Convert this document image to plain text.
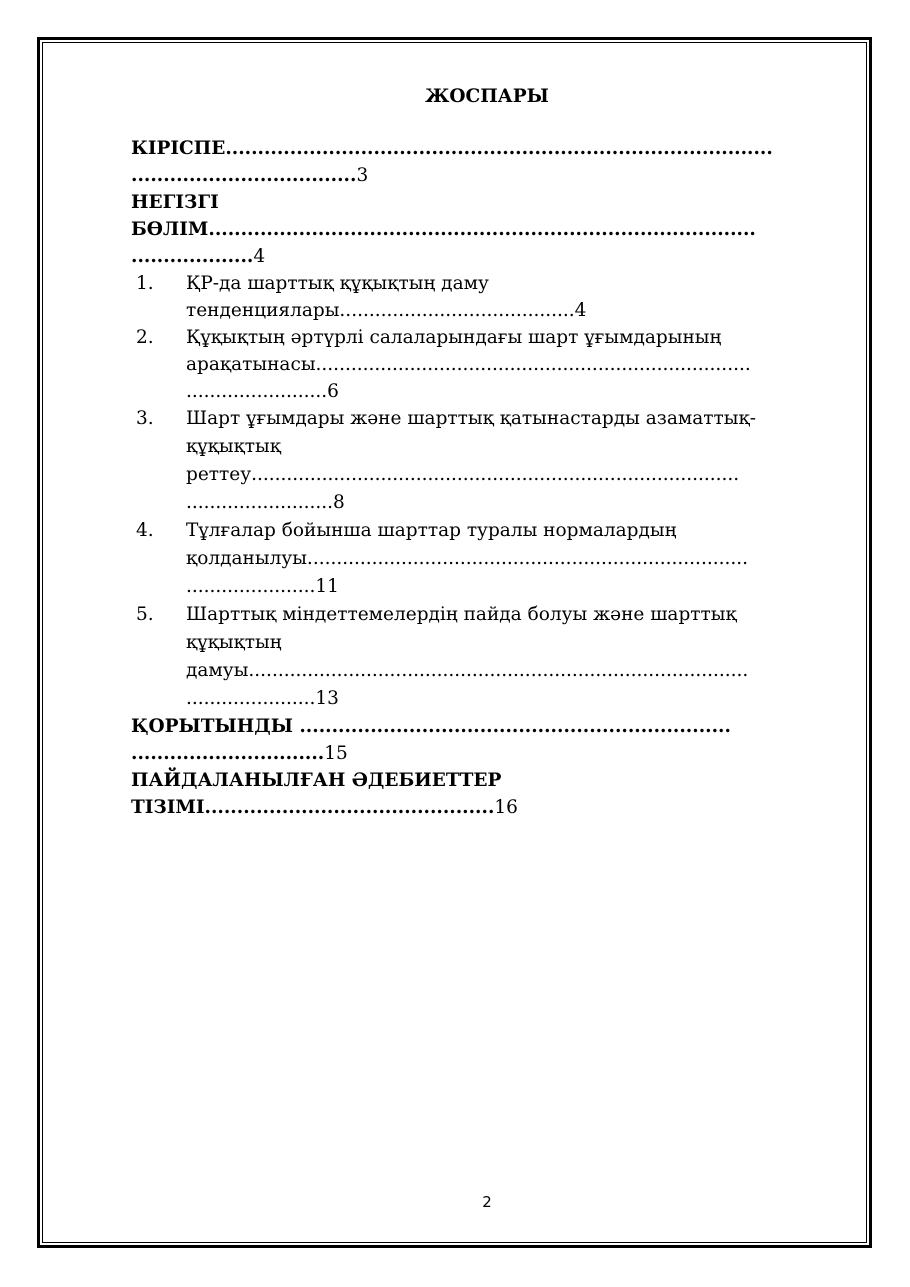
ЖОСПАРЫ
КІРІСПЕ.....................................................................................
...................................3
НЕГІЗГІ
БӨЛІМ.....................................................................................
...................4
1. ҚР-да шарттық құқықтың даму
тенденциялары........................................4
2. Құқықтың әртүрлі салаларындағы шарт ұғымдарының
арақатынасы..........................................................................
........................6
3. Шарт ұғымдары және шарттық қатынастарды азаматтық-
құқықтық
реттеу...................................................................................
.........................8
4. Тұлғалар бойынша шарттар туралы нормалардың
қолданылуы...........................................................................
......................11
5. Шарттық міндеттемелердің пайда болуы және шарттық
құқықтың
дамуы.....................................................................................
......................13
ҚОРЫТЫНДЫ ...................................................................
..............................15
ПАЙДАЛАНЫЛҒАН ӘДЕБИЕТТЕР
ТІЗІМІ.............................................16
2
